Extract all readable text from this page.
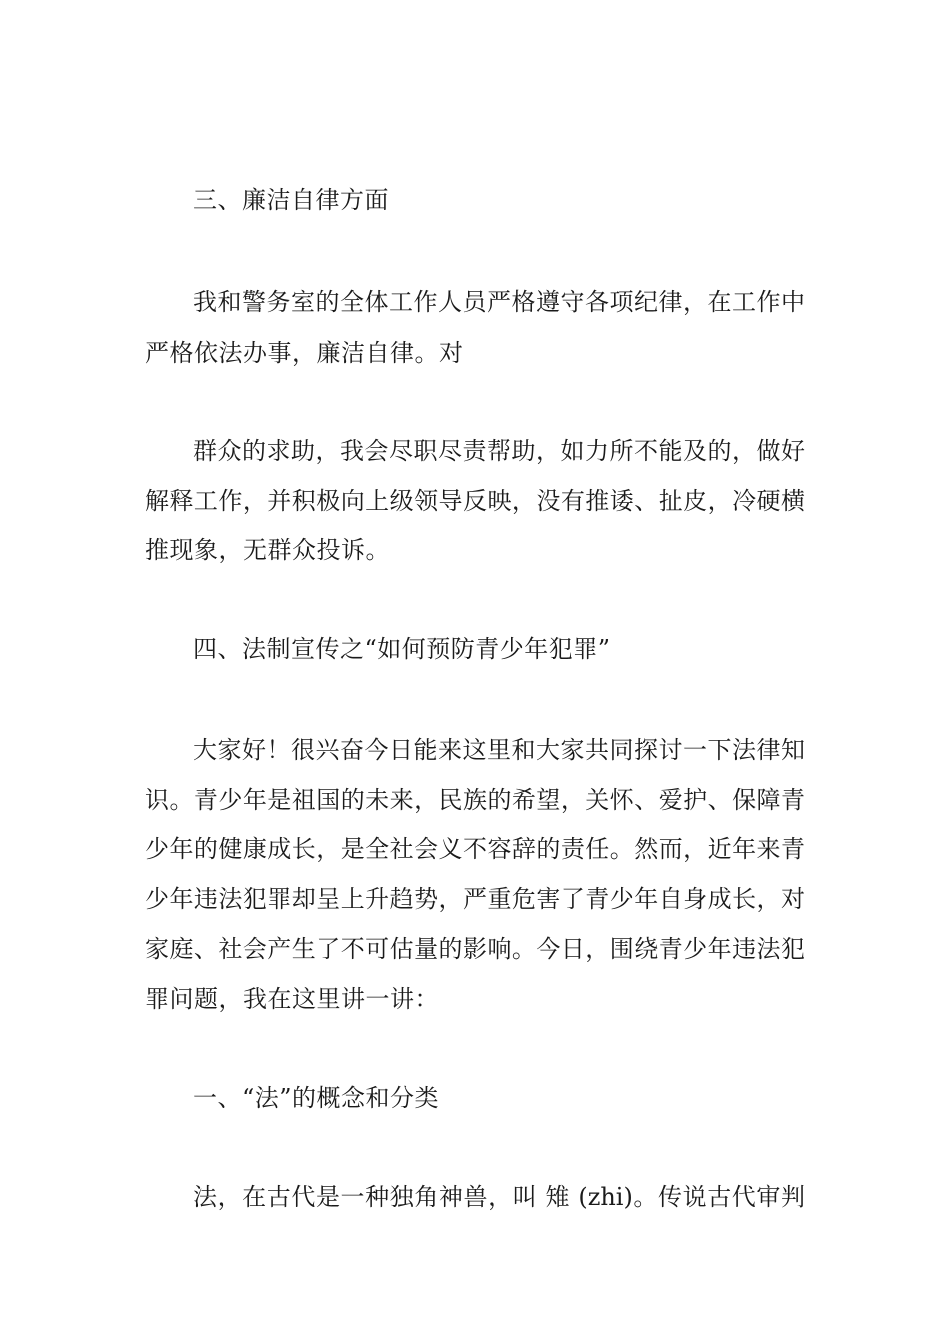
三、廉洁自律方面
我和警务室的全体工作人员严格遵守各项纪律，在工作中
严格依法办事，廉洁自律。对
群众的求助，我会尽职尽责帮助，如力所不能及的，做好
解释工作，并积极向上级领导反映，没有推诿、扯皮，冷硬横
推现象，无群众投诉。
四、法制宣传之“如何预防青少年犯罪”
大家好！很兴奋今日能来这里和大家共同探讨一下法律知
识。青少年是祖国的未来，民族的希望，关怀、爱护、保障青
少年的健康成长，是全社会义不容辞的责任。然而，近年来青
少年违法犯罪却呈上升趋势，严重危害了青少年自身成长，对
家庭、社会产生了不可估量的影响。今日，围绕青少年违法犯
罪问题，我在这里讲一讲：
一、“法”的概念和分类
法，在古代是一种独角神兽，叫 雉 (zhi)。传说古代审判
